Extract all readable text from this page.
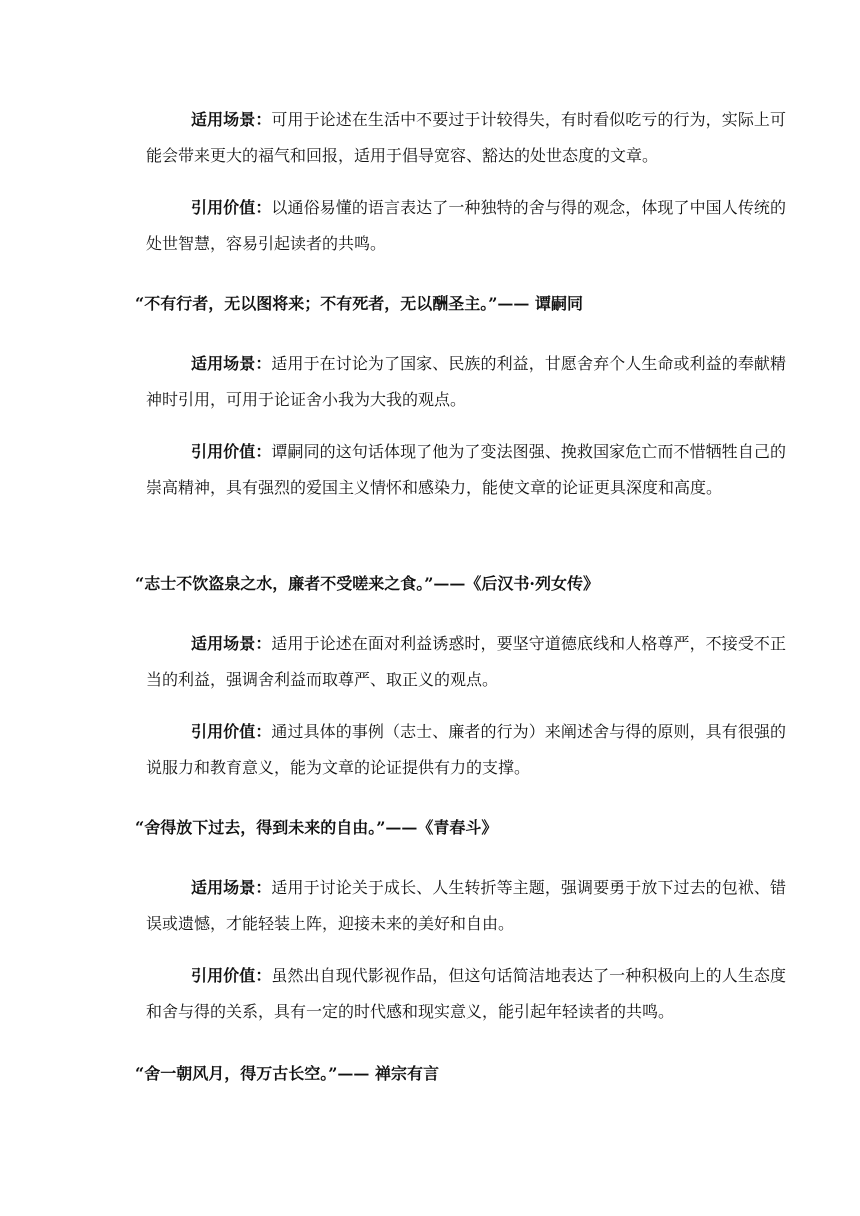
适用场景：可用于论述在生活中不要过于计较得失，有时看似吃亏的行为，实际上可能会带来更大的福气和回报，适用于倡导宽容、豁达的处世态度的文章。

引用价值：以通俗易懂的语言表达了一种独特的舍与得的观念，体现了中国人传统的处世智慧，容易引起读者的共鸣。

“不有行者，无以图将来；不有死者，无以酬圣主。”—— 谭嗣同

适用场景：适用于在讨论为了国家、民族的利益，甘愿舍弃个人生命或利益的奉献精神时引用，可用于论证舍小我为大我的观点。

引用价值：谭嗣同的这句话体现了他为了变法图强、挽救国家危亡而不惜牺牲自己的崇高精神，具有强烈的爱国主义情怀和感染力，能使文章的论证更具深度和高度。

“志士不饮盗泉之水，廉者不受嗟来之食。”——《后汉书·列女传》

适用场景：适用于论述在面对利益诱惑时，要坚守道德底线和人格尊严，不接受不正当的利益，强调舍利益而取尊严、取正义的观点。

引用价值：通过具体的事例（志士、廉者的行为）来阐述舍与得的原则，具有很强的说服力和教育意义，能为文章的论证提供有力的支撑。

“舍得放下过去，得到未来的自由。”——《青春斗》

适用场景：适用于讨论关于成长、人生转折等主题，强调要勇于放下过去的包袱、错误或遗憾，才能轻装上阵，迎接未来的美好和自由。

引用价值：虽然出自现代影视作品，但这句话简洁地表达了一种积极向上的人生态度和舍与得的关系，具有一定的时代感和现实意义，能引起年轻读者的共鸣。

“舍一朝风月，得万古长空。”—— 禅宗有言
